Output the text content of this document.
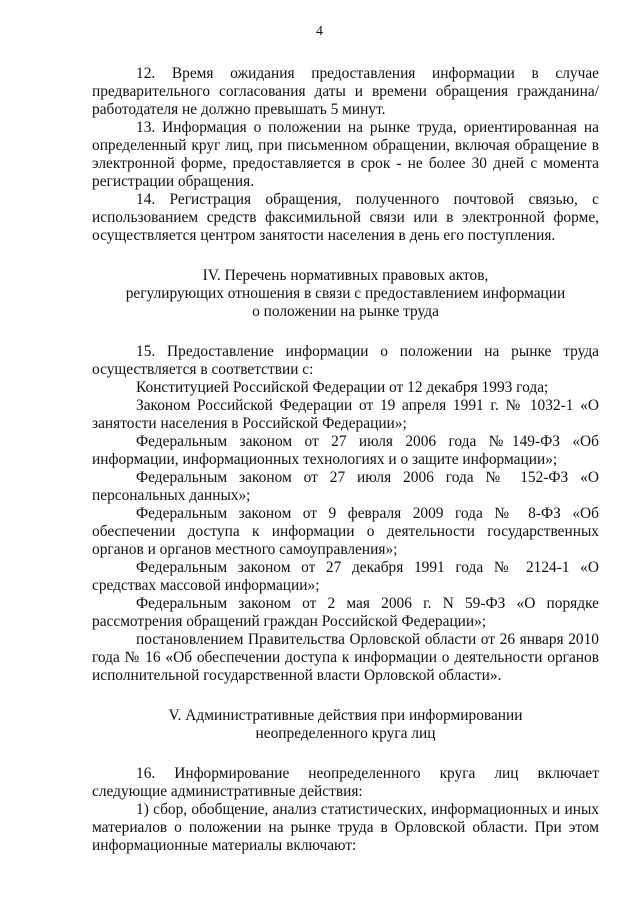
4

12. Время ожидания предоставления информации в случае предварительного согласования даты и времени обращения гражданина/работодателя не должно превышать 5 минут.

13. Информация о положении на рынке труда, ориентированная на определенный круг лиц, при письменном обращении, включая обращение в электронной форме, предоставляется в срок - не более 30 дней с момента регистрации обращения.

14. Регистрация обращения, полученного почтовой связью, с использованием средств факсимильной связи или в электронной форме, осуществляется центром занятости населения в день его поступления.

IV. Перечень нормативных правовых актов,
регулирующих отношения в связи с предоставлением информации
о положении на рынке труда

15. Предоставление информации о положении на рынке труда осуществляется в соответствии с:

Конституцией Российской Федерации от 12 декабря 1993 года;

Законом Российской Федерации от 19 апреля 1991 г. № 1032-1 «О занятости населения в Российской Федерации»;

Федеральным законом от 27 июля 2006 года №149-ФЗ «Об информации, информационных технологиях и о защите информации»;

Федеральным законом от 27 июля 2006 года № 152-ФЗ «О персональных данных»;

Федеральным законом от 9 февраля 2009 года № 8-ФЗ «Об обеспечении доступа к информации о деятельности государственных органов и органов местного самоуправления»;

Федеральным законом от 27 декабря 1991 года № 2124-1 «О средствах массовой информации»;

Федеральным законом от 2 мая 2006 г. N 59-ФЗ «О порядке рассмотрения обращений граждан Российской Федерации»;

постановлением Правительства Орловской области от 26 января 2010 года № 16 «Об обеспечении доступа к информации о деятельности органов исполнительной государственной власти Орловской области».

V. Административные действия при информировании
неопределенного круга лиц

16. Информирование неопределенного круга лиц включает следующие административные действия:

1) сбор, обобщение, анализ статистических, информационных и иных материалов о положении на рынке труда в Орловской области. При этом информационные материалы включают:
